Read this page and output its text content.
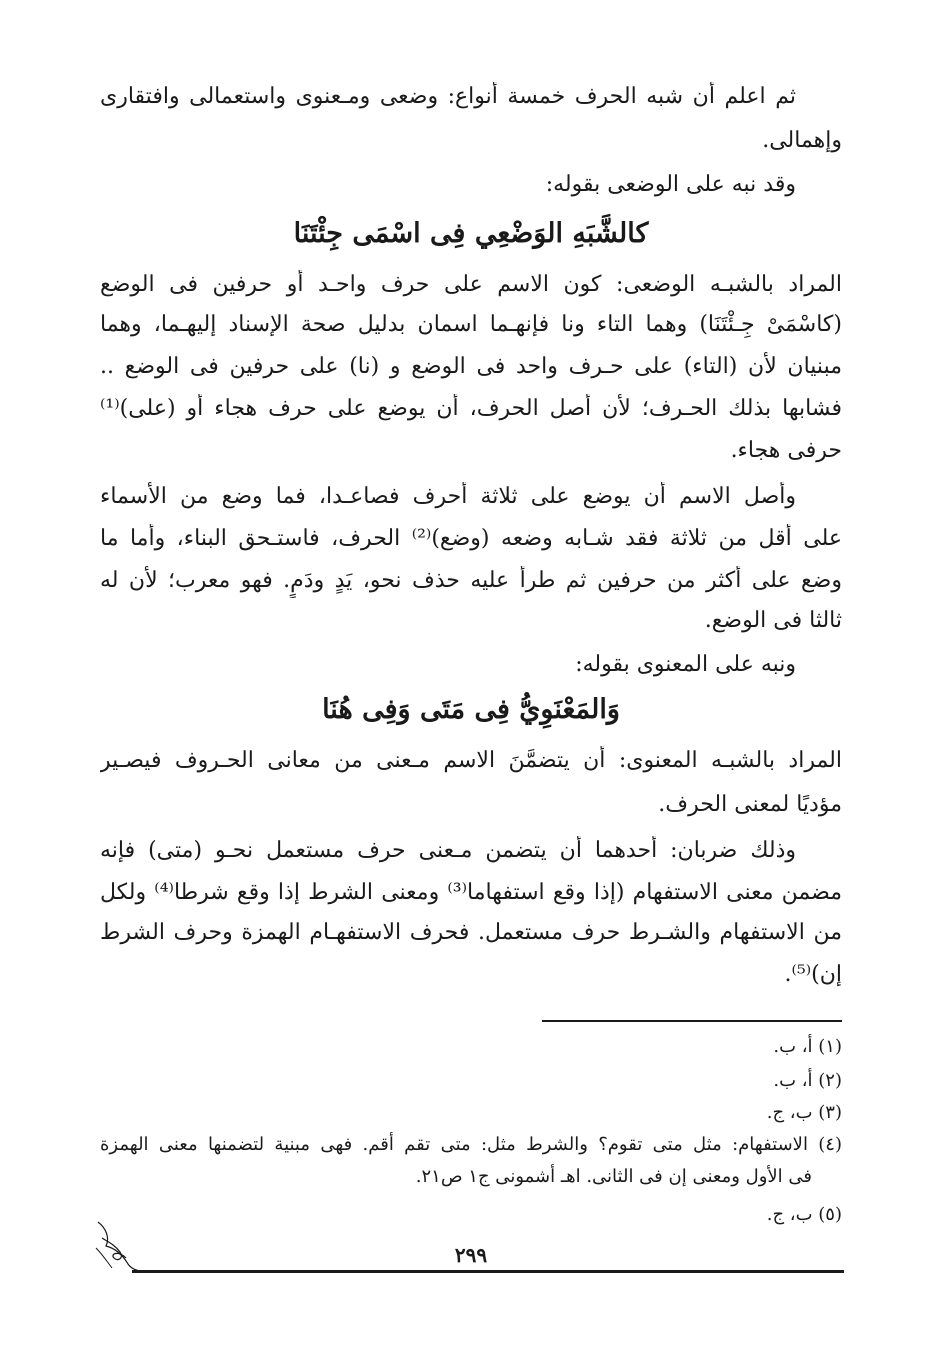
ثم اعلم أن شبه الحرف خمسة أنواع: وضعى ومـعنوى واستعمالى وافتقارى
وإهمالى.
وقد نبه على الوضعى بقوله:
كالشَّبَهِ الوَضْعِي فِى اسْمَى جِئْتَنَا
المراد بالشبـه الوضعى: كون الاسم على حرف واحـد أو حرفين فى الوضع
(كاسْمَىْ جِـئْتَنَا) وهما التاء ونا فإنهـما اسمان بدليل صحة الإسناد إليهـما، وهما
مبنيان لأن (التاء) على حـرف واحد فى الوضع و (نا) على حرفين فى الوضع ..
فشابها بذلك الحـرف؛ لأن أصل الحرف، أن يوضع على حرف هجاء أو (على)⁽¹⁾
حرفى هجاء.
وأصل الاسم أن يوضع على ثلاثة أحرف فصاعـدا، فما وضع من الأسماء
على أقل من ثلاثة فقد شـابه وضعه (وضع)⁽²⁾ الحرف، فاستـحق البناء، وأما ما
وضع على أكثر من حرفين ثم طرأ عليه حذف نحو، يَدٍ ودَمٍ. فهو معرب؛ لأن له
ثالثا فى الوضع.
ونبه على المعنوى بقوله:
وَالمَعْنَوِيُّ فِى مَتَى وَفِى هُنَا
المراد بالشبـه المعنوى: أن يتضمَّنَ الاسم مـعنى من معانى الحـروف فيصـير
مؤديًا لمعنى الحرف.
وذلك ضربان: أحدهما أن يتضمن مـعنى حرف مستعمل نحـو (متى) فإنه
مضمن معنى الاستفهام (إذا وقع استفهاما⁽³⁾ ومعنى الشرط إذا وقع شرطا⁽⁴⁾ ولكل
من الاستفهام والشـرط حرف مستعمل. فحرف الاستفهـام الهمزة وحرف الشرط
إن)⁽⁵⁾.
(١) أ، ب.
(٢) أ، ب.
(٣) ب، ج.
(٤) الاستفهام: مثل متى تقوم؟ والشرط مثل: متى تقم أقم. فهى مبنية لتضمنها معنى الهمزة
فى الأول ومعنى إن فى الثانى. اهـ أشمونى ج١ ص٢١.
(٥) ب، ج.
٢٩٩
